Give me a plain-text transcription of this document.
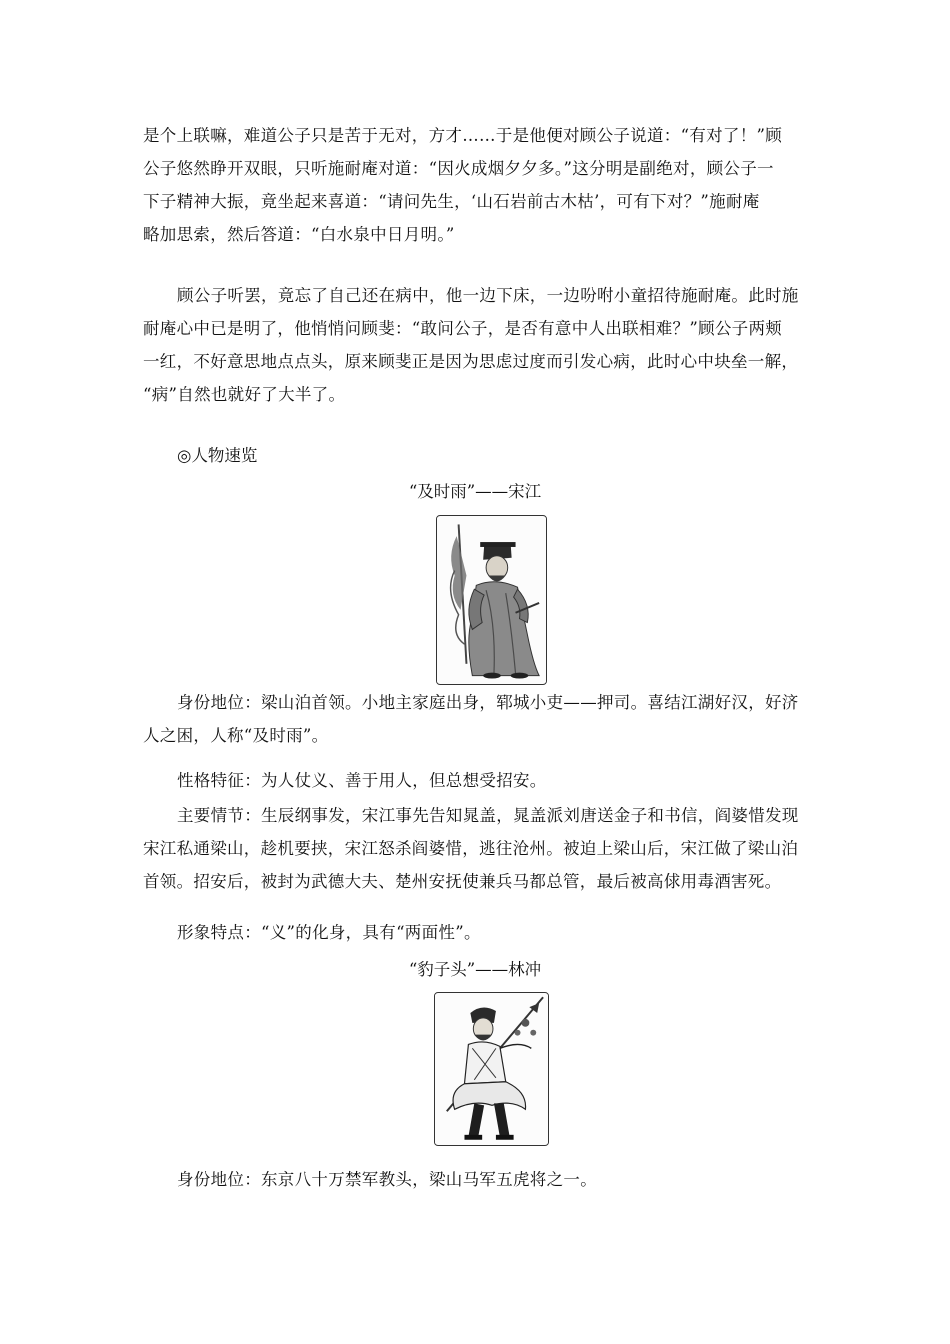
是个上联嘛，难道公子只是苦于无对，方才……于是他便对顾公子说道：“有对了！”顾
公子悠然睁开双眼，只听施耐庵对道：“因火成烟夕夕多。”这分明是副绝对，顾公子一
下子精神大振，竟坐起来喜道：“请问先生，‘山石岩前古木枯’，可有下对？”施耐庵
略加思索，然后答道：“白水泉中日月明。”
顾公子听罢，竟忘了自己还在病中，他一边下床，一边吩咐小童招待施耐庵。此时施
耐庵心中已是明了，他悄悄问顾斐：“敢问公子，是否有意中人出联相难？”顾公子两颊
一红，不好意思地点点头，原来顾斐正是因为思虑过度而引发心病，此时心中块垒一解，
“病”自然也就好了大半了。

◎人物速览

“及时雨”——宋江

身份地位：梁山泊首领。小地主家庭出身，郓城小吏——押司。喜结江湖好汉，好济
人之困，人称“及时雨”。
性格特征：为人仗义、善于用人，但总想受招安。
主要情节：生辰纲事发，宋江事先告知晁盖，晁盖派刘唐送金子和书信，阎婆惜发现
宋江私通梁山，趁机要挟，宋江怒杀阎婆惜，逃往沧州。被迫上梁山后，宋江做了梁山泊
首领。招安后，被封为武德大夫、楚州安抚使兼兵马都总管，最后被高俅用毒酒害死。
形象特点：“义”的化身，具有“两面性”。

“豹子头”——林冲

身份地位：东京八十万禁军教头，梁山马军五虎将之一。
